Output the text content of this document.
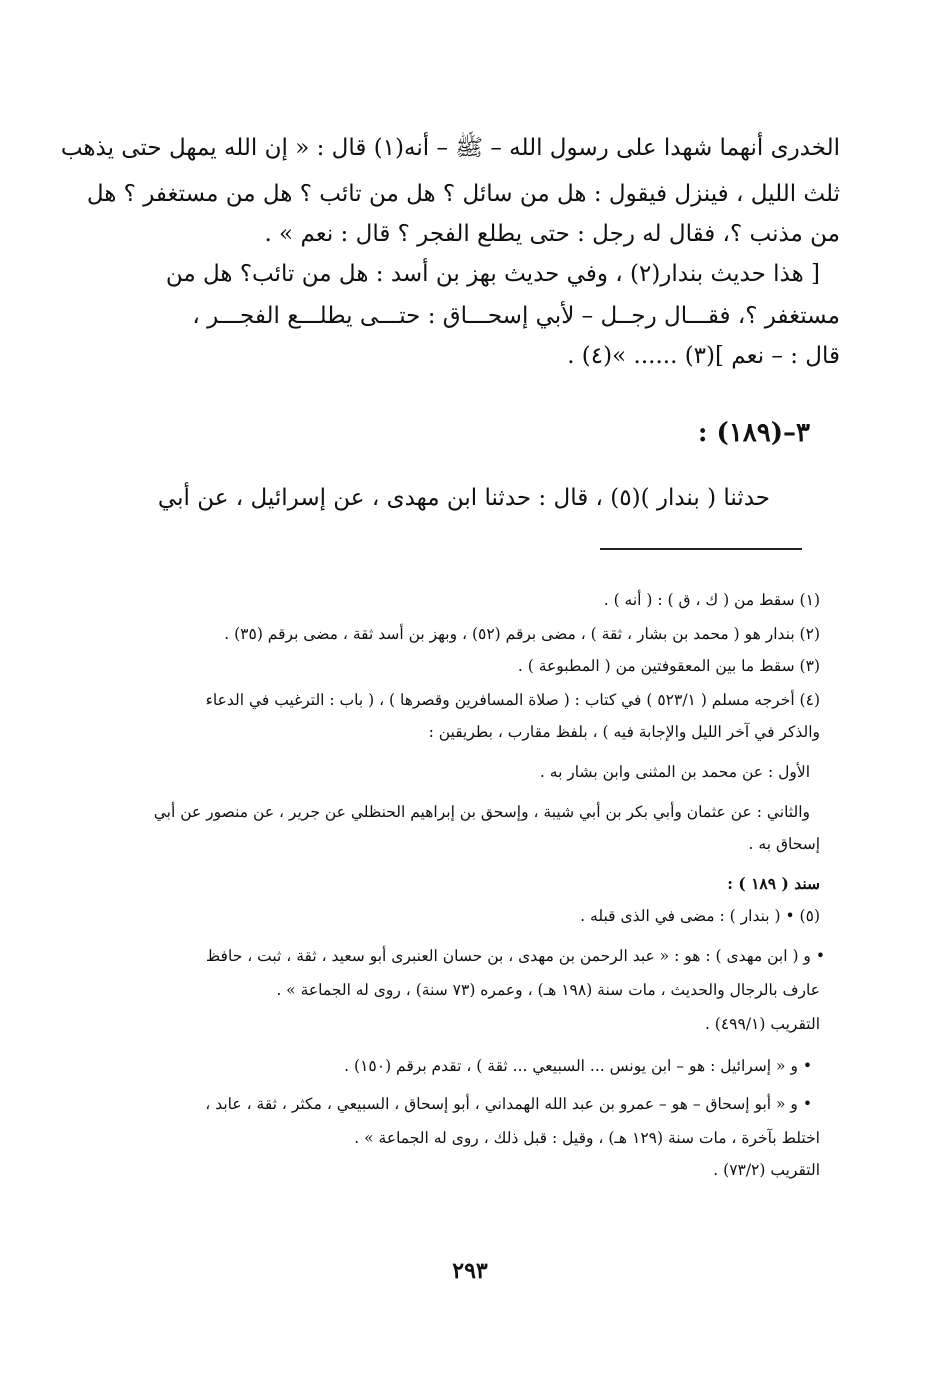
الخدرى أنهما شهدا على رسول الله – ﷺ – أنه(١) قال : « إن الله يمهل حتى يذهب
ثلث الليل ، فينزل فيقول : هل من سائل ؟ هل من تائب ؟ هل من مستغفر ؟ هل
من مذنب ؟، فقال له رجل : حتى يطلع الفجر ؟ قال : نعم » .
[ هذا حديث بندار(٢) ، وفي حديث بهز بن أسد : هل من تائب؟ هل من
مستغفر ؟، فقـــال رجــل – لأبي إسحـــاق : حتـــى يطلـــع الفجـــر ،
قال : – نعم ](٣) ...... »(٤) .
٣–(١٨٩) :
حدثنا ( بندار )(٥) ، قال : حدثنا ابن مهدى ، عن إسرائيل ، عن أبي
(١) سقط من ( ك ، ق ) : ( أنه ) .
(٢) بندار هو ( محمد بن بشار ، ثقة ) ، مضى برقم (٥٢) ، وبهز بن أسد ثقة ، مضى برقم (٣٥) .
(٣) سقط ما بين المعقوفتين من ( المطبوعة ) .
(٤) أخرجه مسلم ( ٥٢٣/١ ) في كتاب : ( صلاة المسافرين وقصرها ) ، ( باب : الترغيب في الدعاء
والذكر في آخر الليل والإجابة فيه ) ، بلفظ مقارب ، بطريقين :
الأول : عن محمد بن المثنى وابن بشار به .
والثاني : عن عثمان وأبي بكر بن أبي شيبة ، وإسحق بن إبراهيم الحنظلي عن جرير ، عن منصور عن أبي
إسحاق به .
سند ( ١٨٩ ) :
(٥) • ( بندار ) : مضى في الذى قبله .
• و ( ابن مهدى ) : هو : « عبد الرحمن بن مهدى ، بن حسان العنبرى أبو سعيد ، ثقة ، ثبت ، حافظ
عارف بالرجال والحديث ، مات سنة (١٩٨ هـ) ، وعمره (٧٣ سنة) ، روى له الجماعة » .
التقريب (٤٩٩/١) .
• و « إسرائيل : هو – ابن يونس ... السبيعي ... ثقة ) ، تقدم برقم (١٥٠) .
• و « أبو إسحاق – هو – عمرو بن عبد الله الهمداني ، أبو إسحاق ، السبيعي ، مكثر ، ثقة ، عابد ،
اختلط بآخرة ، مات سنة (١٢٩ هـ) ، وقيل : قبل ذلك ، روى له الجماعة » .
التقريب (٧٣/٢) .
٢٩٣
